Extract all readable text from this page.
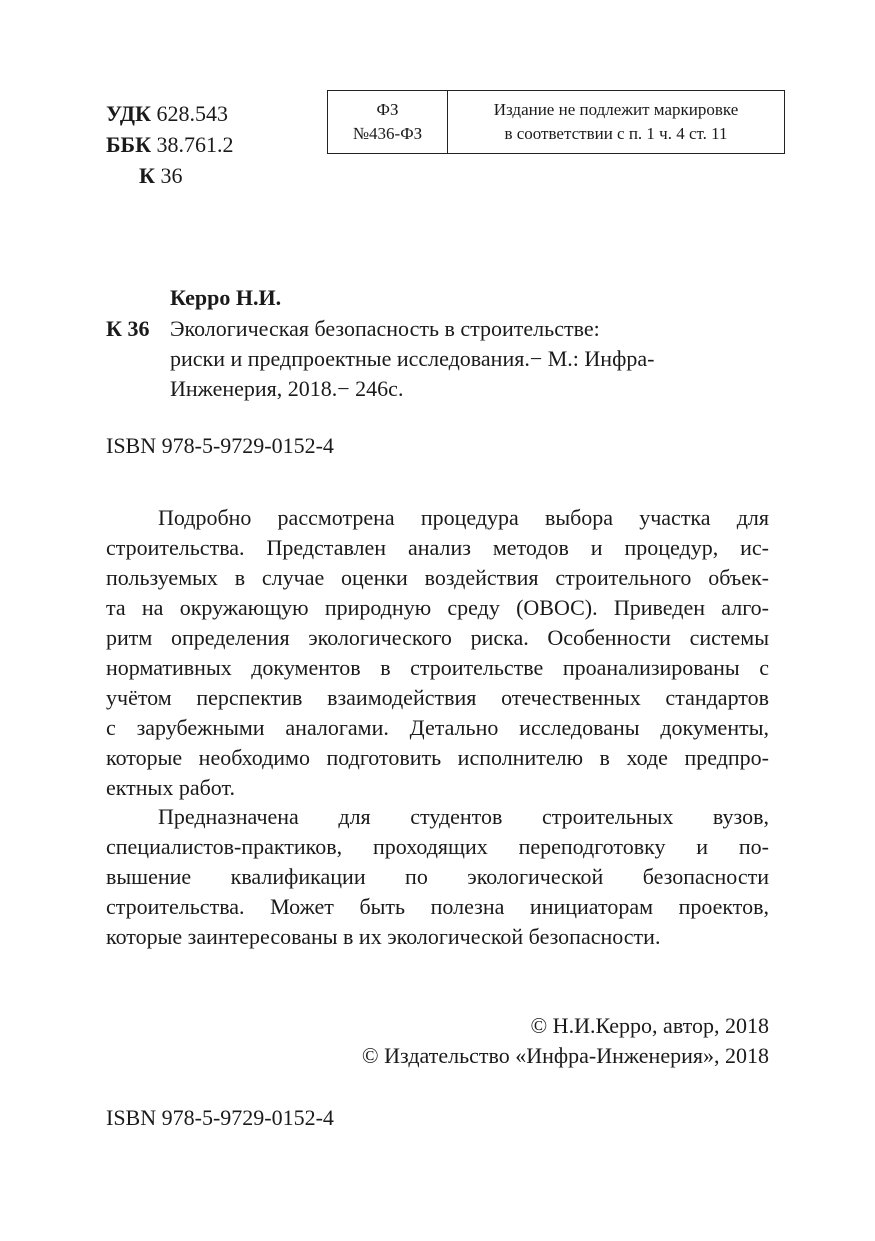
УДК 628.543
ББК 38.761.2
К 36
ФЗ
№436-ФЗ
Издание не подлежит маркировке
в соответствии с п. 1 ч. 4 ст. 11
Керро Н.И.
К 36 Экологическая безопасность в строительстве:
риски и предпроектные исследования.− М.: Инфра-
Инженерия, 2018.− 246с.
ISBN 978-5-9729-0152-4
Подробно рассмотрена процедура выбора участка для
строительства. Представлен анализ методов и процедур, ис-
пользуемых в случае оценки воздействия строительного объек-
та на окружающую природную среду (ОВОС). Приведен алго-
ритм определения экологического риска. Особенности системы
нормативных документов в строительстве проанализированы с
учётом перспектив взаимодействия отечественных стандартов
с зарубежными аналогами. Детально исследованы документы,
которые необходимо подготовить исполнителю в ходе предпро-
ектных работ.
Предназначена для студентов строительных вузов,
специалистов-практиков, проходящих переподготовку и по-
вышение квалификации по экологической безопасности
строительства. Может быть полезна инициаторам проектов,
которые заинтересованы в их экологической безопасности.
© Н.И.Керро, автор, 2018
© Издательство «Инфра-Инженерия», 2018
ISBN 978-5-9729-0152-4
